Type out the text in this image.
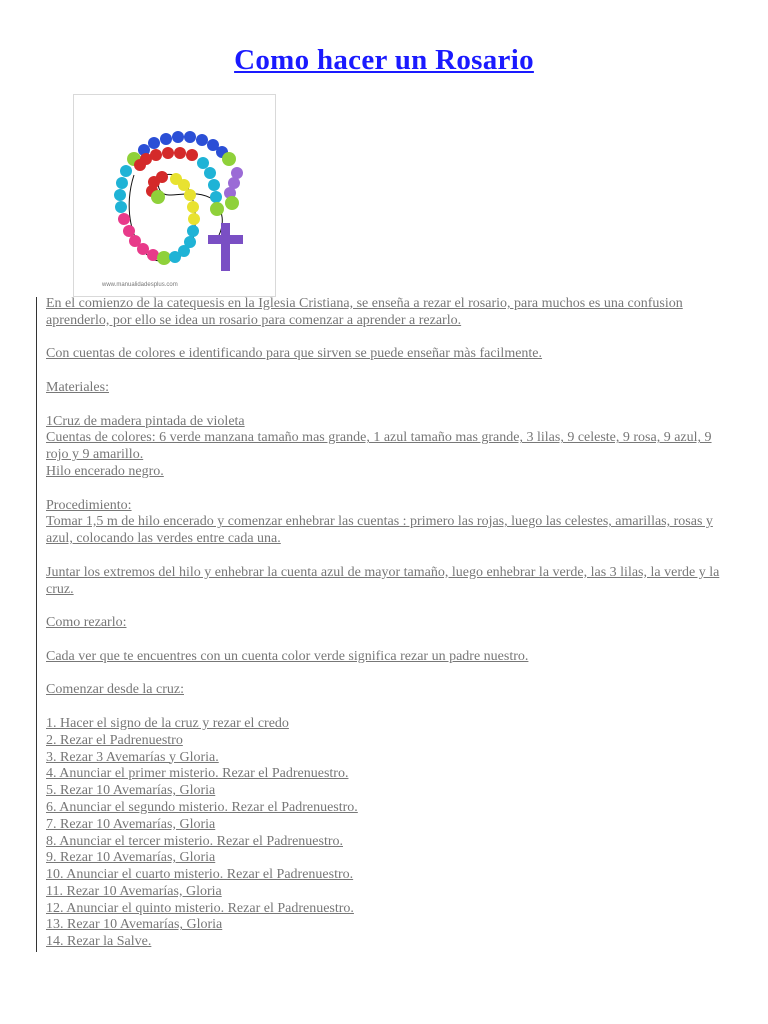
Como hacer un Rosario
www.manualidadesplus.com

En el comienzo de la catequesis en la Iglesia Cristiana, se enseña a rezar el rosario, para muchos es una confusion aprenderlo, por ello se idea un rosario para comenzar a aprender a rezarlo.

Con cuentas de colores e identificando para que sirven se puede enseñar màs facilmente.

Materiales:

1Cruz de madera pintada de violeta
Cuentas de colores: 6 verde manzana tamaño mas grande, 1 azul tamaño mas grande, 3 lilas, 9 celeste, 9 rosa, 9 azul, 9 rojo y 9 amarillo.
Hilo encerado negro.

Procedimiento:
Tomar 1,5 m de hilo encerado y comenzar enhebrar las cuentas : primero las rojas, luego las celestes, amarillas, rosas y azul, colocando las verdes entre cada una.

Juntar los extremos del hilo y enhebrar la cuenta azul de mayor tamaño, luego enhebrar la verde, las 3 lilas, la verde y la cruz.

Como rezarlo:

Cada ver que te encuentres con un cuenta color verde significa rezar un padre nuestro.

Comenzar desde la cruz:

1. Hacer el signo de la cruz y rezar el credo
2. Rezar el Padrenuestro
3. Rezar 3 Avemarías y Gloria.
4. Anunciar el primer misterio. Rezar el Padrenuestro.
5. Rezar 10 Avemarías, Gloria
6. Anunciar el segundo misterio. Rezar el Padrenuestro.
7. Rezar 10 Avemarías, Gloria
8. Anunciar el tercer misterio. Rezar el Padrenuestro.
9. Rezar 10 Avemarías, Gloria
10. Anunciar el cuarto misterio. Rezar el Padrenuestro.
11. Rezar 10 Avemarías, Gloria
12. Anunciar el quinto misterio. Rezar el Padrenuestro.
13. Rezar 10 Avemarías, Gloria
14. Rezar la Salve.
